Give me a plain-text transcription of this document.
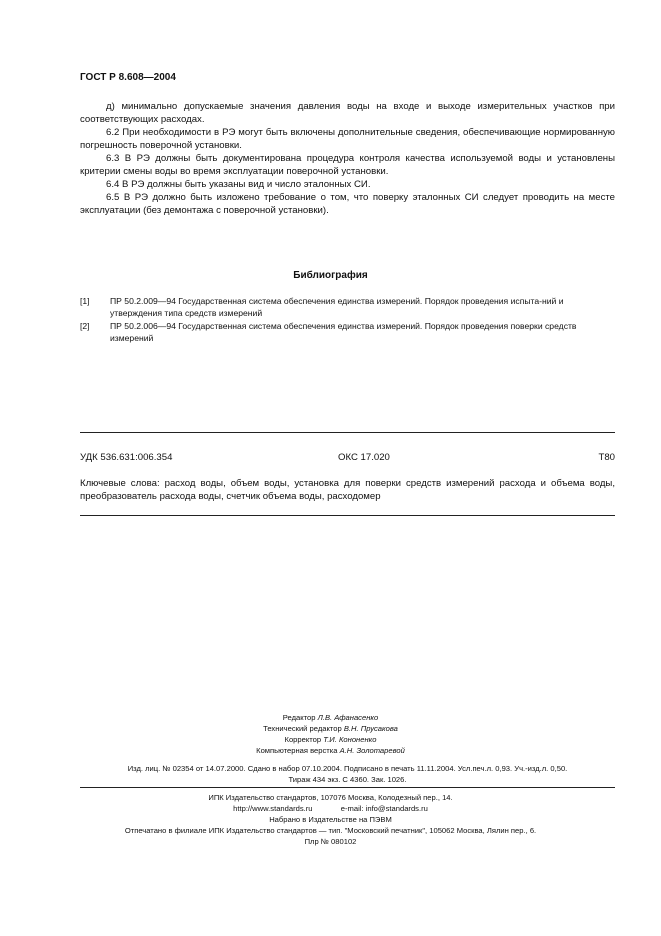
ГОСТ Р 8.608—2004

д) минимально допускаемые значения давления воды на входе и выходе измерительных участков при соответствующих расходах.

6.2 При необходимости в РЭ могут быть включены дополнительные сведения, обеспечивающие нормированную погрешность поверочной установки.

6.3 В РЭ должны быть документирована процедура контроля качества используемой воды и установлены критерии смены воды во время эксплуатации поверочной установки.

6.4 В РЭ должны быть указаны вид и число эталонных СИ.

6.5 В РЭ должно быть изложено требование о том, что поверку эталонных СИ следует проводить на месте эксплуатации (без демонтажа с поверочной установки).

Библиография
[1] ПР 50.2.009—94 Государственная система обеспечения единства измерений. Порядок проведения испыта-ний и утверждения типа средств измерений
[2] ПР 50.2.006—94 Государственная система обеспечения единства измерений. Порядок проведения поверки средств измерений
УДК 536.631:006.354	ОКС 17.020	Т80
Ключевые слова: расход воды, объем воды, установка для поверки средств измерений расхода и объема воды, преобразователь расхода воды, счетчик объема воды, расходомер
Редактор Л.В. Афанасенко
Технический редактор В.Н. Прусакова
Корректор Т.И. Кононенко
Компьютерная верстка А.Н. Золотаревой
Изд. лиц. № 02354 от 14.07.2000. Сдано в набор 07.10.2004. Подписано в печать 11.11.2004. Усл.печ.л. 0,93. Уч.-изд.л. 0,50.
Тираж 434 экз. С 4360. Зак. 1026.
ИПК Издательство стандартов, 107076 Москва, Колодезный пер., 14.
http://www.standards.ru	e-mail: info@standards.ru
Набрано в Издательстве на ПЭВМ
Отпечатано в филиале ИПК Издательство стандартов — тип. "Московский печатник", 105062 Москва, Лялин пер., 6.
Плр № 080102
